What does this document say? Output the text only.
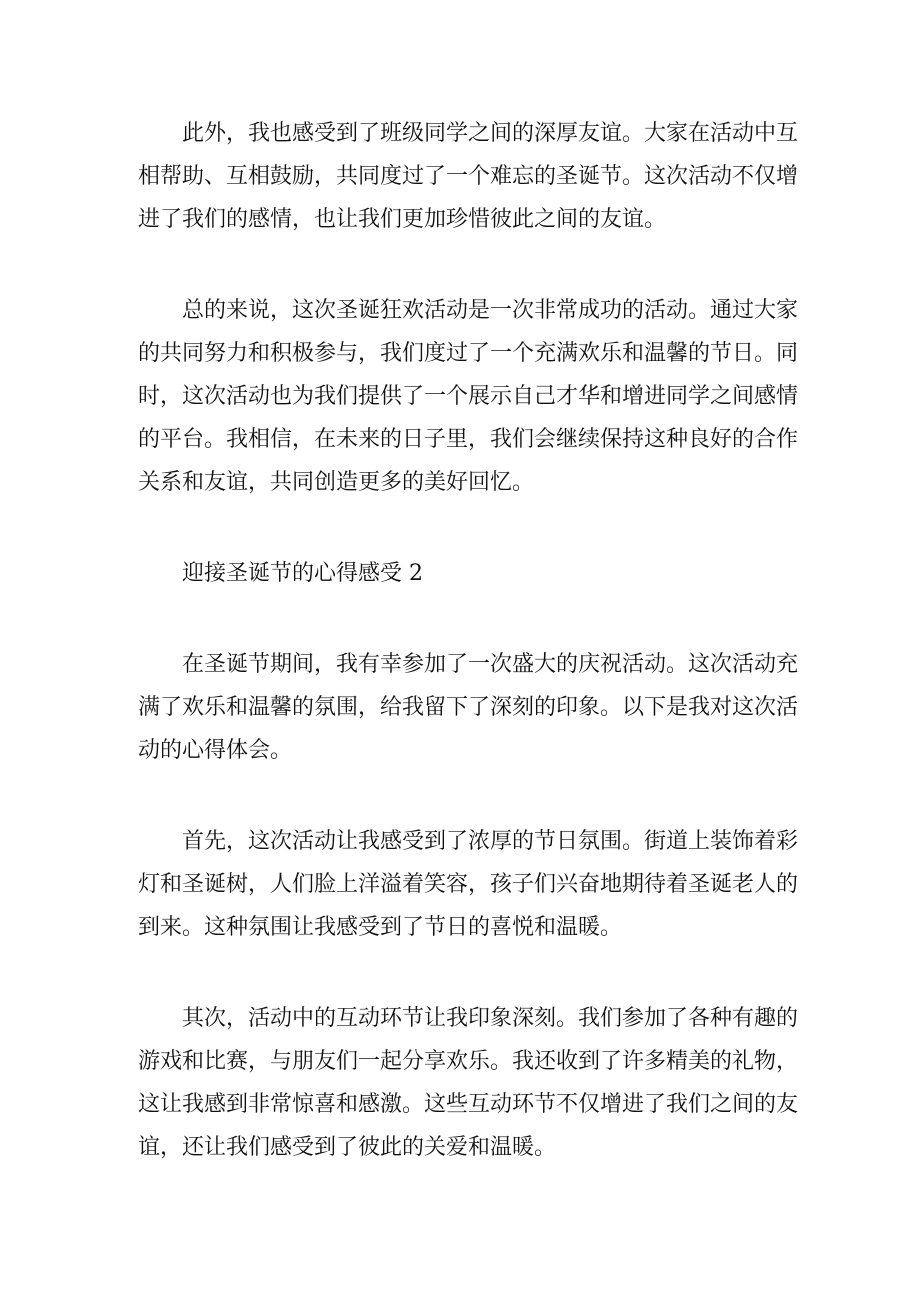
此外，我也感受到了班级同学之间的深厚友谊。大家在活动中互相帮助、互相鼓励，共同度过了一个难忘的圣诞节。这次活动不仅增进了我们的感情，也让我们更加珍惜彼此之间的友谊。

总的来说，这次圣诞狂欢活动是一次非常成功的活动。通过大家的共同努力和积极参与，我们度过了一个充满欢乐和温馨的节日。同时，这次活动也为我们提供了一个展示自己才华和增进同学之间感情的平台。我相信，在未来的日子里，我们会继续保持这种良好的合作关系和友谊，共同创造更多的美好回忆。

迎接圣诞节的心得感受 2

在圣诞节期间，我有幸参加了一次盛大的庆祝活动。这次活动充满了欢乐和温馨的氛围，给我留下了深刻的印象。以下是我对这次活动的心得体会。

首先，这次活动让我感受到了浓厚的节日氛围。街道上装饰着彩灯和圣诞树，人们脸上洋溢着笑容，孩子们兴奋地期待着圣诞老人的到来。这种氛围让我感受到了节日的喜悦和温暖。

其次，活动中的互动环节让我印象深刻。我们参加了各种有趣的游戏和比赛，与朋友们一起分享欢乐。我还收到了许多精美的礼物，这让我感到非常惊喜和感激。这些互动环节不仅增进了我们之间的友谊，还让我们感受到了彼此的关爱和温暖。
